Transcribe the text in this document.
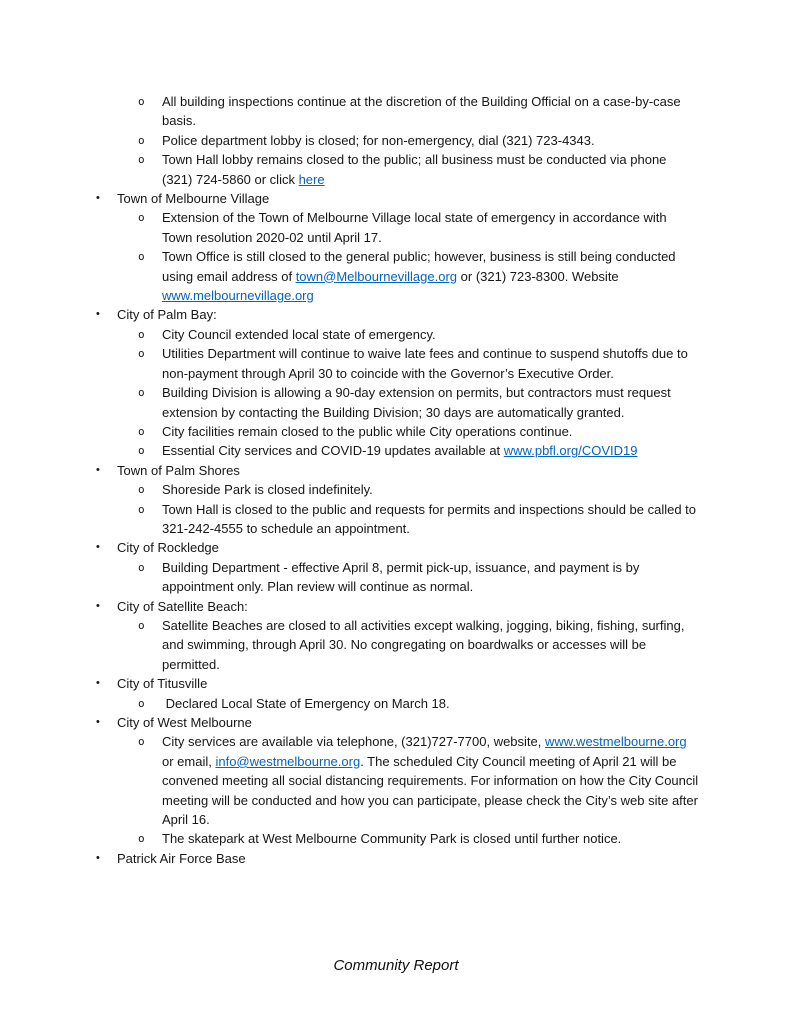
o	All building inspections continue at the discretion of the Building Official on a case-by-case basis.
o	Police department lobby is closed; for non-emergency, dial (321) 723-4343.
o	Town Hall lobby remains closed to the public; all business must be conducted via phone (321) 724-5860 or click here
•	Town of Melbourne Village
o	Extension of the Town of Melbourne Village local state of emergency in accordance with Town resolution 2020-02 until April 17.
o	Town Office is still closed to the general public; however, business is still being conducted using email address of town@Melbournevillage.org or (321) 723-8300. Website www.melbournevillage.org
•	City of Palm Bay:
o	City Council extended local state of emergency.
o	Utilities Department will continue to waive late fees and continue to suspend shutoffs due to non-payment through April 30 to coincide with the Governor’s Executive Order.
o	Building Division is allowing a 90-day extension on permits, but contractors must request extension by contacting the Building Division; 30 days are automatically granted.
o	City facilities remain closed to the public while City operations continue.
o	Essential City services and COVID-19 updates available at www.pbfl.org/COVID19
•	Town of Palm Shores
o	Shoreside Park is closed indefinitely.
o	Town Hall is closed to the public and requests for permits and inspections should be called to 321-242-4555 to schedule an appointment.
•	City of Rockledge
o	Building Department - effective April 8, permit pick-up, issuance, and payment is by appointment only. Plan review will continue as normal.
•	City of Satellite Beach:
o	Satellite Beaches are closed to all activities except walking, jogging, biking, fishing, surfing, and swimming, through April 30. No congregating on boardwalks or accesses will be permitted.
•	City of Titusville
o	Declared Local State of Emergency on March 18.
•	City of West Melbourne
o	City services are available via telephone, (321)727-7700, website, www.westmelbourne.org or email, info@westmelbourne.org. The scheduled City Council meeting of April 21 will be convened meeting all social distancing requirements. For information on how the City Council meeting will be conducted and how you can participate, please check the City’s web site after April 16.
o	The skatepark at West Melbourne Community Park is closed until further notice.
•	Patrick Air Force Base
Community Report
